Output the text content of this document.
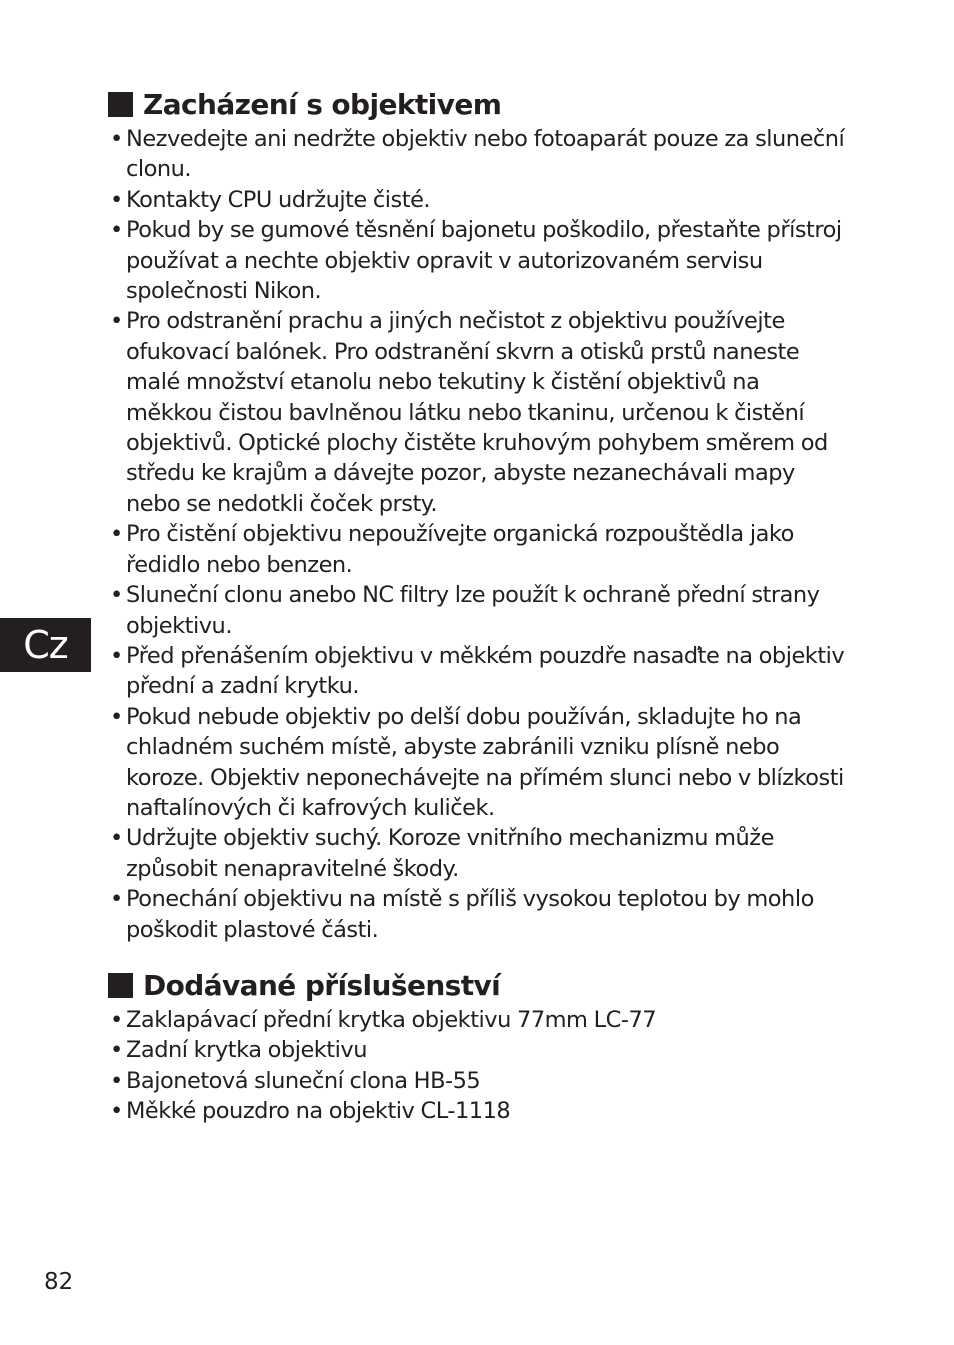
Zacházení s objektivem
• Nezvedejte ani nedržte objektiv nebo fotoaparát pouze za sluneční clonu.
• Kontakty CPU udržujte čisté.
• Pokud by se gumové těsnění bajonetu poškodilo, přestaňte přístroj používat a nechte objektiv opravit v autorizovaném servisu společnosti Nikon.
• Pro odstranění prachu a jiných nečistot z objektivu používejte ofukovací balónek. Pro odstranění skvrn a otisků prstů naneste malé množství etanolu nebo tekutiny k čistění objektivů na měkkou čistou bavlněnou látku nebo tkaninu, určenou k čistění objektivů. Optické plochy čistěte kruhovým pohybem směrem od středu ke krajům a dávejte pozor, abyste nezanechávali mapy nebo se nedotkli čoček prsty.
• Pro čistění objektivu nepoužívejte organická rozpouštědla jako ředidlo nebo benzen.
• Sluneční clonu anebo NC filtry lze použít k ochraně přední strany objektivu.
• Před přenášením objektivu v měkkém pouzdře nasaďte na objektiv přední a zadní krytku.
• Pokud nebude objektiv po delší dobu používán, skladujte ho na chladném suchém místě, abyste zabránili vzniku plísně nebo koroze. Objektiv neponechávejte na přímém slunci nebo v blízkosti naftalínových či kafrových kuliček.
• Udržujte objektiv suchý. Koroze vnitřního mechanizmu může způsobit nenapravitelné škody.
• Ponechání objektivu na místě s příliš vysokou teplotou by mohlo poškodit plastové části.
Dodávané příslušenství
• Zaklapávací přední krytka objektivu 77mm LC-77
• Zadní krytka objektivu
• Bajonetová sluneční clona HB-55
• Měkké pouzdro na objektiv CL-1118
Cz
82
